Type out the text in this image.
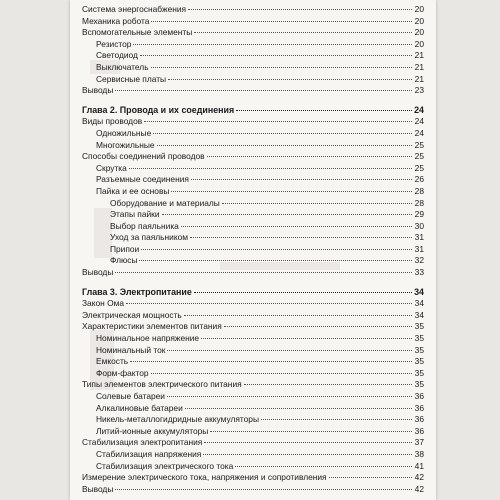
Система энергоснабжения	20
Механика робота	20
Вспомогательные элементы	20
Резистор	20
Светодиод	21
Выключатель	21
Сервисные платы	21
Выводы	23
Глава 2. Провода и их соединения	24
Виды проводов	24
Одножильные	24
Многожильные	25
Способы соединений проводов	25
Скрутка	25
Разъемные соединения	26
Пайка и ее основы	28
Оборудование и материалы	28
Этапы пайки	29
Выбор паяльника	30
Уход за паяльником	31
Припои	31
Флюсы	32
Выводы	33
Глава 3. Электропитание	34
Закон Ома	34
Электрическая мощность	34
Характеристики элементов питания	35
Номинальное напряжение	35
Номинальный ток	35
Емкость	35
Форм-фактор	35
Типы элементов электрического питания	35
Солевые батареи	36
Алкалиновые батареи	36
Никель-металлогидридные аккумуляторы	36
Литий-ионные аккумуляторы	36
Стабилизация электропитания	37
Стабилизация напряжения	38
Стабилизация электрического тока	41
Измерение электрического тока, напряжения и сопротивления	42
Выводы	42
